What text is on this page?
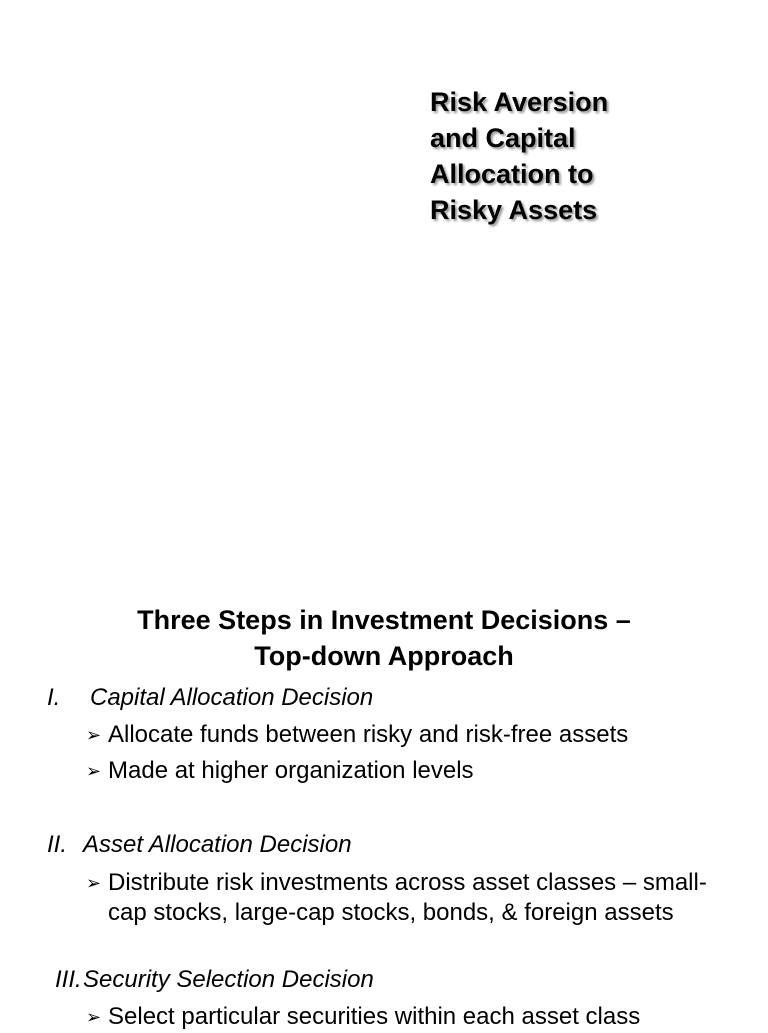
Risk Aversion
and Capital
Allocation to
Risky Assets
Three Steps in Investment Decisions –
Top-down Approach
I. Capital Allocation Decision
➢ Allocate funds between risky and risk-free assets
➢ Made at higher organization levels
II. Asset Allocation Decision
➢ Distribute risk investments across asset classes – small-
cap stocks, large-cap stocks, bonds, & foreign assets
III.Security Selection Decision
➢ Select particular securities within each asset class
